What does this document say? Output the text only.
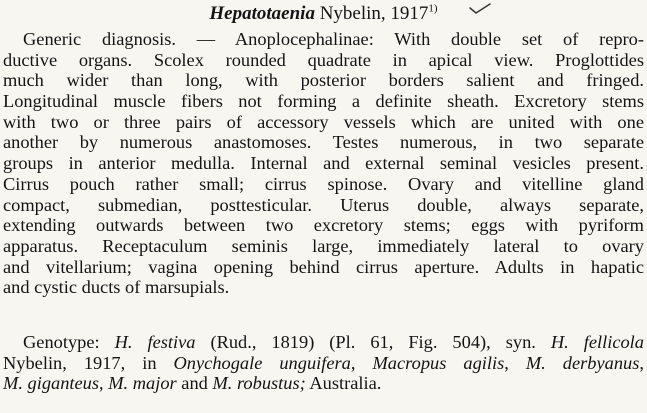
Hepatotaenia Nybelin, 1917$^{1)}$
Generic diagnosis. — Anoplocephalinae: With double set of repro-
ductive organs. Scolex rounded quadrate in apical view. Proglottides
much wider than long, with posterior borders salient and fringed.
Longitudinal muscle fibers not forming a definite sheath. Excretory stems
with two or three pairs of accessory vessels which are united with one
another by numerous anastomoses. Testes numerous, in two separate
groups in anterior medulla. Internal and external seminal vesicles present.
Cirrus pouch rather small; cirrus spinose. Ovary and vitelline gland
compact, submedian, posttesticular. Uterus double, always separate,
extending outwards between two excretory stems; eggs with pyriform
apparatus. Receptaculum seminis large, immediately lateral to ovary
and vitellarium; vagina opening behind cirrus aperture. Adults in hapatic
and cystic ducts of marsupials.
Genotype: H. festiva (Rud., 1819) (Pl. 61, Fig. 504), syn. H. fellicola
Nybelin, 1917, in Onychogale unguifera, Macropus agilis, M. derbyanus,
M. giganteus, M. major and M. robustus; Australia.
